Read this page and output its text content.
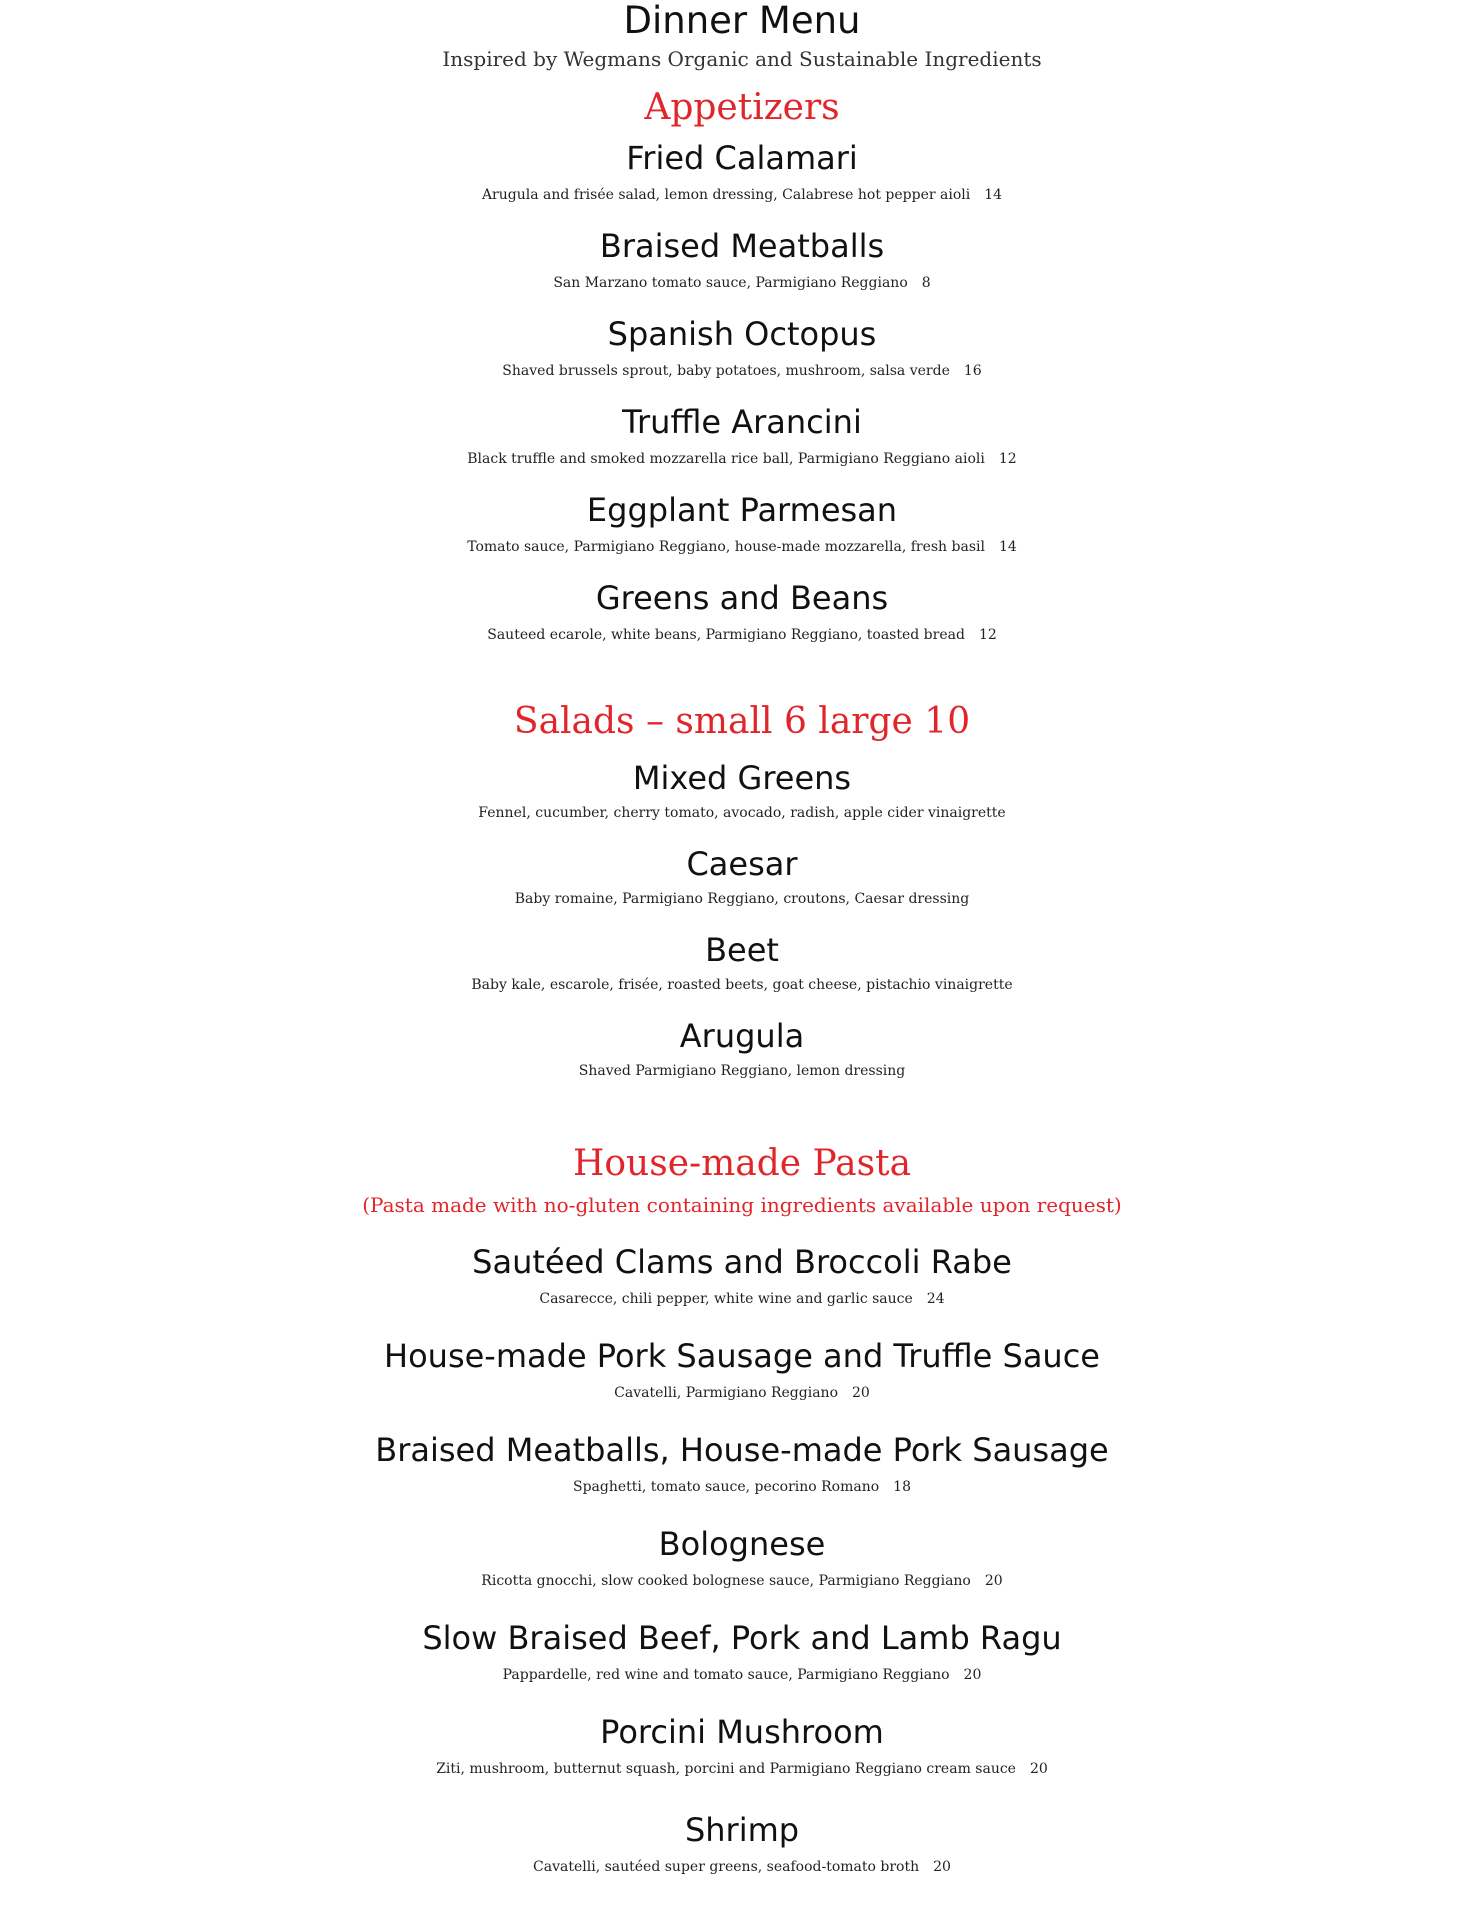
Dinner Menu
Inspired by Wegmans Organic and Sustainable Ingredients
Appetizers
Fried Calamari
Arugula and frisée salad, lemon dressing, Calabrese hot pepper aioli 14
Braised Meatballs
San Marzano tomato sauce, Parmigiano Reggiano 8
Spanish Octopus
Shaved brussels sprout, baby potatoes, mushroom, salsa verde 16
Truffle Arancini
Black truffle and smoked mozzarella rice ball, Parmigiano Reggiano aioli 12
Eggplant Parmesan
Tomato sauce, Parmigiano Reggiano, house-made mozzarella, fresh basil 14
Greens and Beans
Sauteed ecarole, white beans, Parmigiano Reggiano, toasted bread 12
Salads – small 6 large 10
Mixed Greens
Fennel, cucumber, cherry tomato, avocado, radish, apple cider vinaigrette
Caesar
Baby romaine, Parmigiano Reggiano, croutons, Caesar dressing
Beet
Baby kale, escarole, frisée, roasted beets, goat cheese, pistachio vinaigrette
Arugula
Shaved Parmigiano Reggiano, lemon dressing
House-made Pasta
(Pasta made with no-gluten containing ingredients available upon request)
Sautéed Clams and Broccoli Rabe
Casarecce, chili pepper, white wine and garlic sauce 24
House-made Pork Sausage and Truffle Sauce
Cavatelli, Parmigiano Reggiano 20
Braised Meatballs, House-made Pork Sausage
Spaghetti, tomato sauce, pecorino Romano 18
Bolognese
Ricotta gnocchi, slow cooked bolognese sauce, Parmigiano Reggiano 20
Slow Braised Beef, Pork and Lamb Ragu
Pappardelle, red wine and tomato sauce, Parmigiano Reggiano 20
Porcini Mushroom
Ziti, mushroom, butternut squash, porcini and Parmigiano Reggiano cream sauce 20
Shrimp
Cavatelli, sautéed super greens, seafood-tomato broth 20
